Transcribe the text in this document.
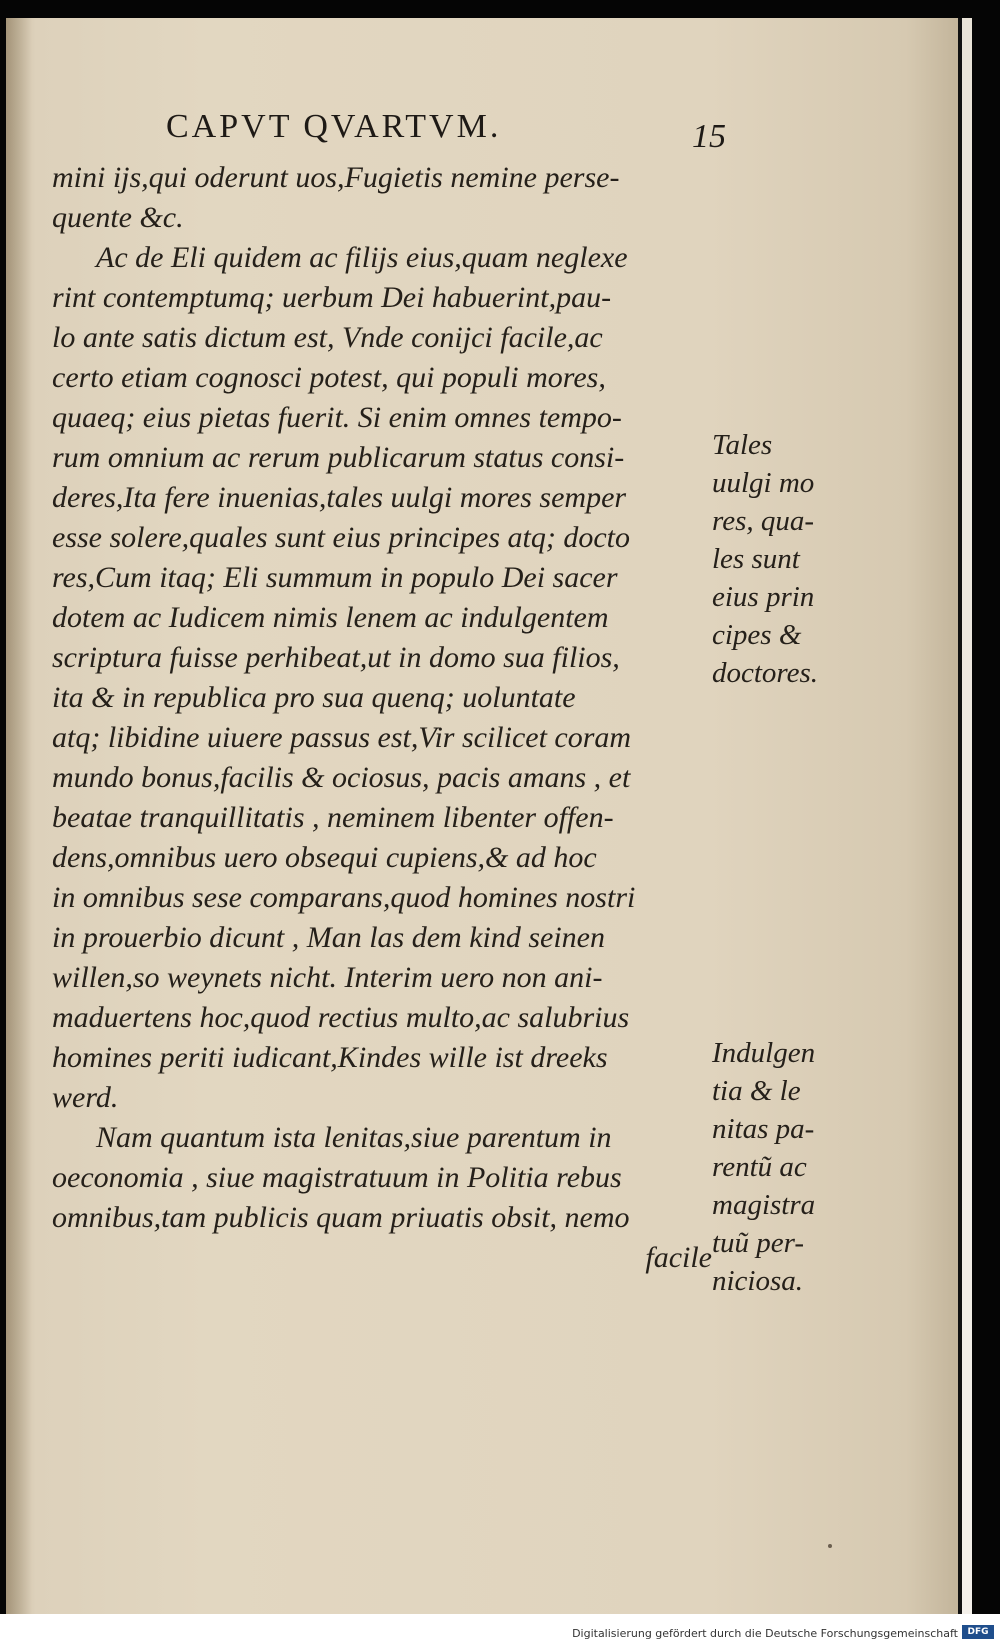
CAPVT QVARTVM.	15
mini ijs,qui oderunt uos,Fugietis nemine perse-
quente &c.
Ac de Eli quidem ac filijs eius,quam neglexe
rint contemptumq; uerbum Dei habuerint,pau-
lo ante satis dictum est, Vnde conijci facile,ac
certo etiam cognosci potest, qui populi mores,
quaeq; eius pietas fuerit. Si enim omnes tempo-
rum omnium ac rerum publicarum status consi-
deres,Ita fere inuenias,tales uulgi mores semper
esse solere,quales sunt eius principes atq; docto
res,Cum itaq; Eli summum in populo Dei sacer
dotem ac Iudicem nimis lenem ac indulgentem
scriptura fuisse perhibeat,ut in domo sua filios,
ita & in republica pro sua quenq; uoluntate
atq; libidine uiuere passus est,Vir scilicet coram
mundo bonus,facilis & ociosus, pacis amans , et
beatae tranquillitatis , neminem libenter offen-
dens,omnibus uero obsequi cupiens,& ad hoc
in omnibus sese comparans,quod homines nostri
in prouerbio dicunt , Man las dem kind seinen
willen,so weynets nicht. Interim uero non ani-
maduertens hoc,quod rectius multo,ac salubrius
homines periti iudicant,Kindes wille ist dreeks
werd.
Nam quantum ista lenitas,siue parentum in
oeconomia , siue magistratuum in Politia rebus
omnibus,tam publicis quam priuatis obsit, nemo
facile
Tales
uulgi mo
res, qua-
les sunt
eius prin
cipes &
doctores.
Indulgen
tia & le
nitas pa-
rentũ ac
magistra
tuũ per-
niciosa.
Digitalisierung gefördert durch die Deutsche Forschungsgemeinschaft	DFG
